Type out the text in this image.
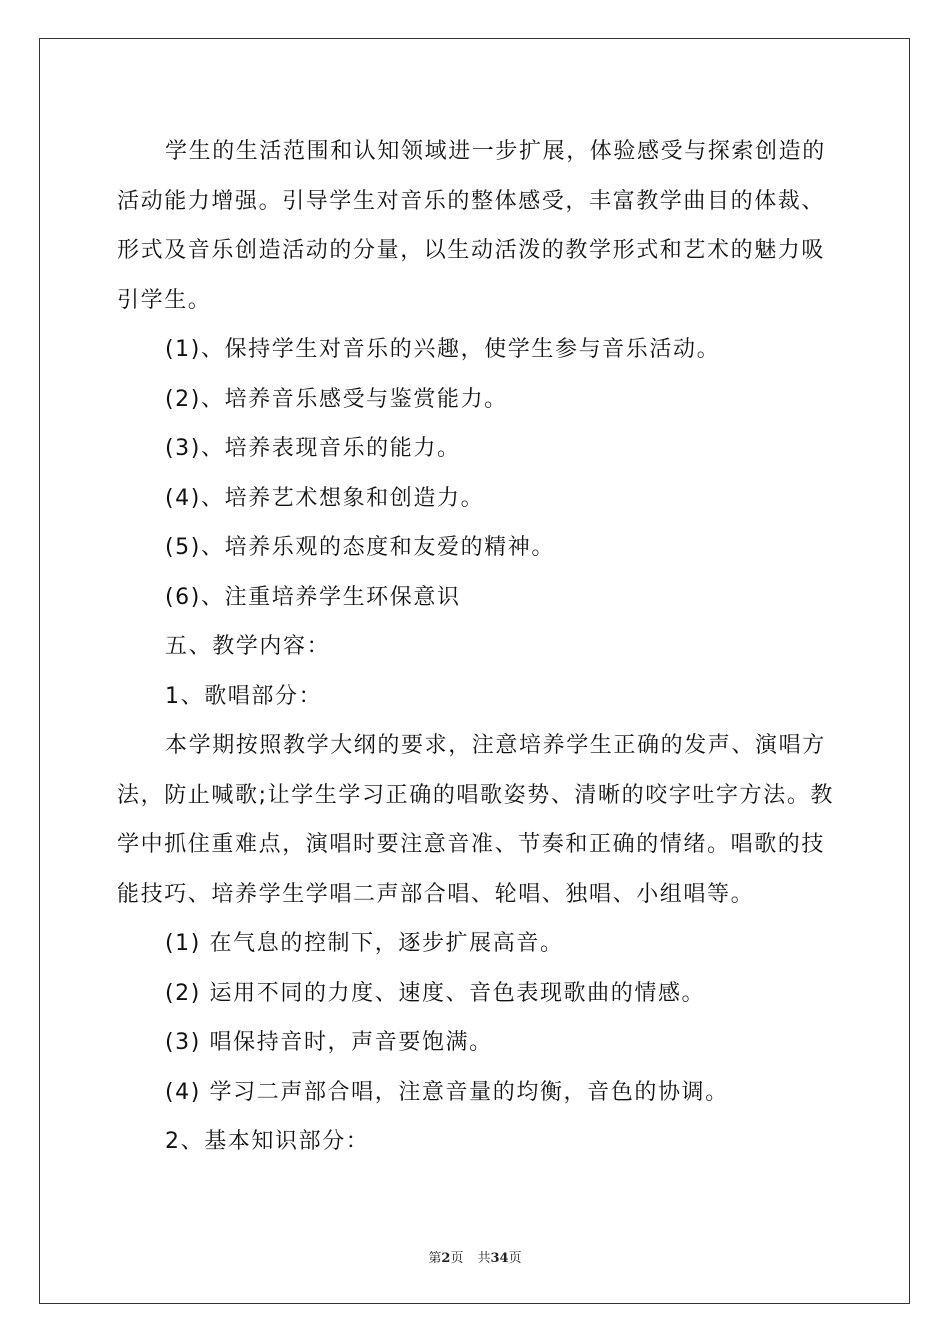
学生的生活范围和认知领域进一步扩展，体验感受与探索创造的活动能力增强。引导学生对音乐的整体感受，丰富教学曲目的体裁、形式及音乐创造活动的分量，以生动活泼的教学形式和艺术的魅力吸引学生。

(1)、保持学生对音乐的兴趣，使学生参与音乐活动。

(2)、培养音乐感受与鉴赏能力。

(3)、培养表现音乐的能力。

(4)、培养艺术想象和创造力。

(5)、培养乐观的态度和友爱的精神。

(6)、注重培养学生环保意识

五、教学内容：

1、歌唱部分：

本学期按照教学大纲的要求，注意培养学生正确的发声、演唱方法，防止喊歌;让学生学习正确的唱歌姿势、清晰的咬字吐字方法。教学中抓住重难点，演唱时要注意音准、节奏和正确的情绪。唱歌的技能技巧、培养学生学唱二声部合唱、轮唱、独唱、小组唱等。

(1) 在气息的控制下，逐步扩展高音。

(2) 运用不同的力度、速度、音色表现歌曲的情感。

(3) 唱保持音时，声音要饱满。

(4) 学习二声部合唱，注意音量的均衡，音色的协调。

2、基本知识部分：

第2页 共34页
